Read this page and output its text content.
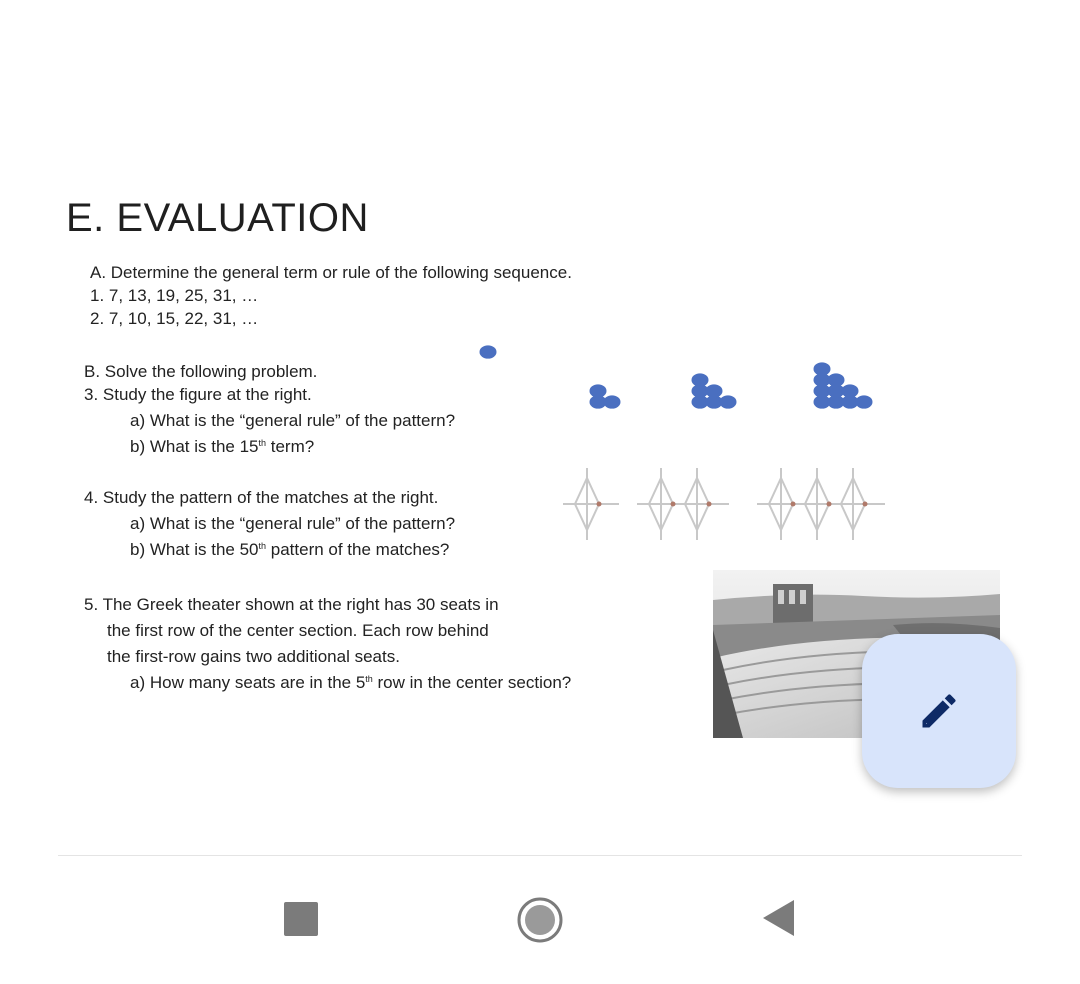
E. EVALUATION
A. Determine the general term or rule of the following sequence.
1. 7, 13, 19, 25, 31, …
2. 7, 10, 15, 22, 31, …
B. Solve the following problem.
3. Study the figure at the right.
a) What is the “general rule” of the pattern?
b) What is the 15th term?
4. Study the pattern of the matches at the right.
a) What is the “general rule” of the pattern?
b) What is the 50th pattern of the matches?
5. The Greek theater shown at the right has 30 seats in
the first row of the center section. Each row behind
the first-row gains two additional seats.
a) How many seats are in the 5th row in the center section?
